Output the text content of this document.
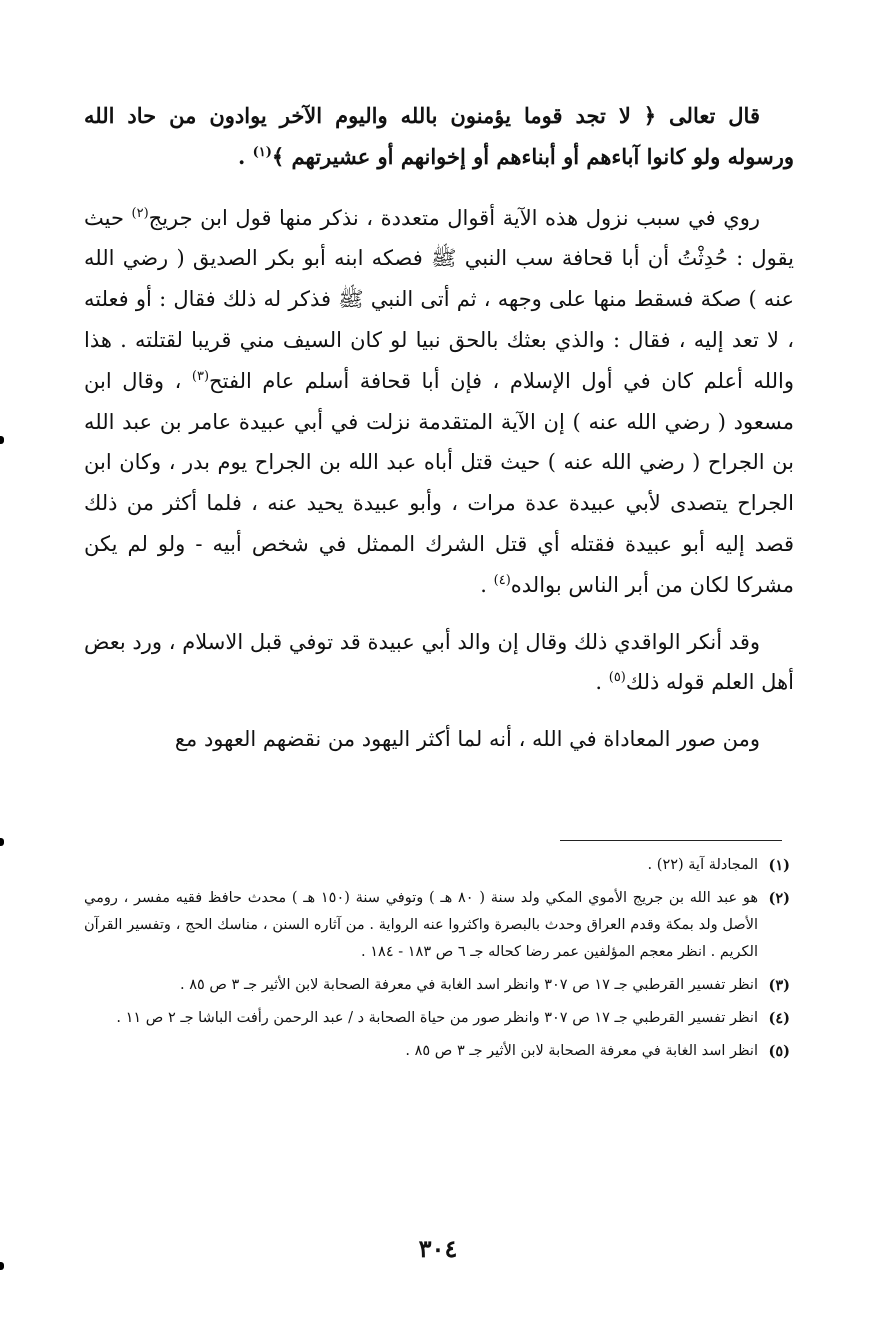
قال تعالى ﴿ لا تجد قوما يؤمنون بالله واليوم الآخر يوادون من حاد الله ورسوله ولو كانوا آباءهم أو أبناءهم أو إخوانهم أو عشيرتهم ﴾$^{(١)}$ .

روي في سبب نزول هذه الآية أقوال متعددة ، نذكر منها قول ابن جريج$^{(٢)}$ حيث يقول : حُدِثْتُ أن أبا قحافة سب النبي ﷺ فصكه ابنه أبو بكر الصديق ( رضي الله عنه ) صكة فسقط منها على وجهه ، ثم أتى النبي ﷺ فذكر له ذلك فقال : أو فعلته ، لا تعد إليه ، فقال : والذي بعثك بالحق نبيا لو كان السيف مني قريبا لقتلته . هذا والله أعلم كان في أول الإسلام ، فإن أبا قحافة أسلم عام الفتح$^{(٣)}$ ، وقال ابن مسعود ( رضي الله عنه ) إن الآية المتقدمة نزلت في أبي عبيدة عامر بن عبد الله بن الجراح ( رضي الله عنه ) حيث قتل أباه عبد الله بن الجراح يوم بدر ، وكان ابن الجراح يتصدى لأبي عبيدة عدة مرات ، وأبو عبيدة يحيد عنه ، فلما أكثر من ذلك قصد إليه أبو عبيدة فقتله أي قتل الشرك الممثل في شخص أبيه - ولو لم يكن مشركا لكان من أبر الناس بوالده$^{(٤)}$ .

وقد أنكر الواقدي ذلك وقال إن والد أبي عبيدة قد توفي قبل الاسلام ، ورد بعض أهل العلم قوله ذلك$^{(٥)}$ .

ومن صور المعاداة في الله ، أنه لما أكثر اليهود من نقضهم العهود مع

(١)
المجادلة آية (٢٢) .
(٢)
هو عبد الله بن جريج الأموي المكي ولد سنة ( ٨٠ هـ ) وتوفي سنة (١٥٠ هـ ) محدث حافظ فقيه مفسر ، رومي الأصل ولد بمكة وقدم العراق وحدث بالبصرة واكثروا عنه الرواية . من آثاره السنن ، مناسك الحج ، وتفسير القرآن الكريم . انظر معجم المؤلفين عمر رضا كحاله جـ ٦ ص ١٨٣ - ١٨٤ .
(٣)
انظر تفسير القرطبي جـ ١٧ ص ٣٠٧ وانظر اسد الغابة في معرفة الصحابة لابن الأثير جـ ٣ ص ٨٥ .
(٤)
انظر تفسير القرطبي جـ ١٧ ص ٣٠٧ وانظر صور من حياة الصحابة د / عبد الرحمن رأفت الباشا جـ ٢ ص ١١ .
(٥)
انظر اسد الغابة في معرفة الصحابة لابن الأثير جـ ٣ ص ٨٥ .
٣٠٤
